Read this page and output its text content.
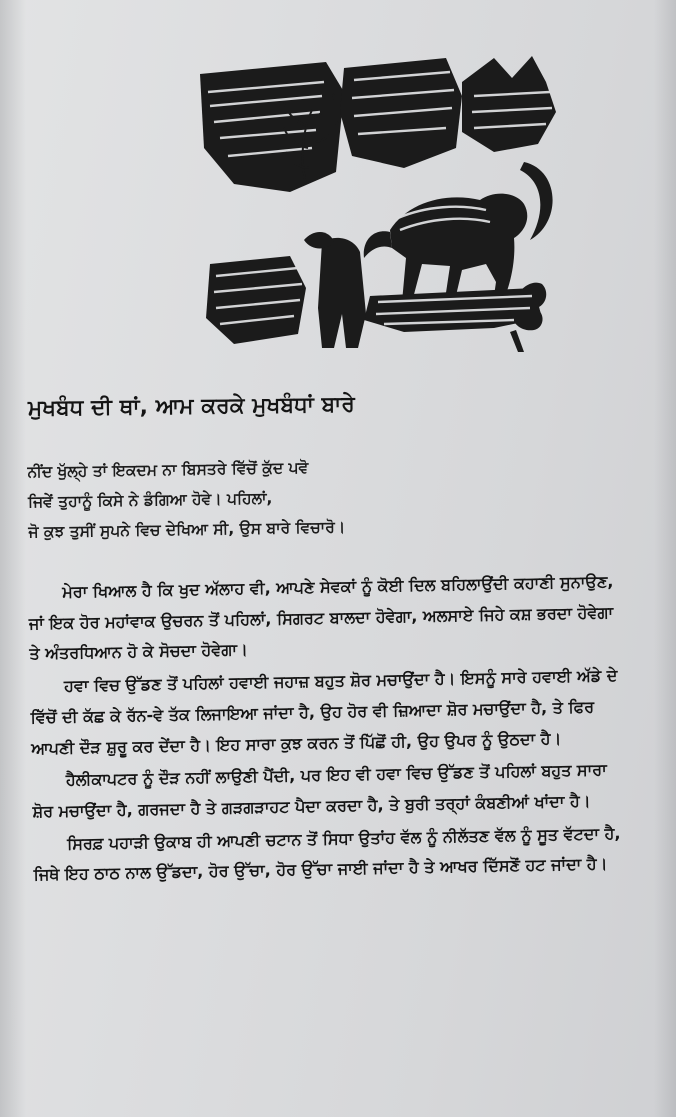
ਮੁਖਬੰਧ ਦੀ ਥਾਂ, ਆਮ ਕਰਕੇ ਮੁਖਬੰਧਾਂ ਬਾਰੇ

ਨੀਂਦ ਖੁੱਲ੍ਹੇ ਤਾਂ ਇਕਦਮ ਨਾ ਬਿਸਤਰੇ ਵਿੱਚੋਂ ਕੁੱਦ ਪਵੋ

ਜਿਵੇਂ ਤੁਹਾਨੂੰ ਕਿਸੇ ਨੇ ਡੰਗਿਆ ਹੋਵੇ। ਪਹਿਲਾਂ,

ਜੋ ਕੁਝ ਤੁਸੀਂ ਸੁਪਨੇ ਵਿਚ ਦੇਖਿਆ ਸੀ, ਉਸ ਬਾਰੇ ਵਿਚਾਰੋ।

ਮੇਰਾ ਖਿਆਲ ਹੈ ਕਿ ਖੁਦ ਅੱਲਾਹ ਵੀ, ਆਪਣੇ ਸੇਵਕਾਂ ਨੂੰ ਕੋਈ ਦਿਲ ਬਹਿਲਾਉਂਦੀ ਕਹਾਣੀ ਸੁਨਾਉਣ, ਜਾਂ ਇਕ ਹੋਰ ਮਹਾਂਵਾਕ ਉਚਰਨ ਤੋਂ ਪਹਿਲਾਂ, ਸਿਗਰਟ ਬਾਲਦਾ ਹੋਵੇਗਾ, ਅਲਸਾਏ ਜਿਹੇ ਕਸ਼ ਭਰਦਾ ਹੋਵੇਗਾ ਤੇ ਅੰਤਰਧਿਆਨ ਹੋ ਕੇ ਸੋਚਦਾ ਹੋਵੇਗਾ।

ਹਵਾ ਵਿਚ ਉੱਡਣ ਤੋਂ ਪਹਿਲਾਂ ਹਵਾਈ ਜਹਾਜ਼ ਬਹੁਤ ਸ਼ੋਰ ਮਚਾਉਂਦਾ ਹੈ। ਇਸਨੂੰ ਸਾਰੇ ਹਵਾਈ ਅੱਡੇ ਦੇ ਵਿੱਚੋਂ ਦੀ ਕੱਛ ਕੇ ਰੱਨ-ਵੇ ਤੱਕ ਲਿਜਾਇਆ ਜਾਂਦਾ ਹੈ, ਉਹ ਹੋਰ ਵੀ ਜ਼ਿਆਦਾ ਸ਼ੋਰ ਮਚਾਉਂਦਾ ਹੈ, ਤੇ ਫਿਰ ਆਪਣੀ ਦੌੜ ਸ਼ੁਰੂ ਕਰ ਦੇਂਦਾ ਹੈ। ਇਹ ਸਾਰਾ ਕੁਝ ਕਰਨ ਤੋਂ ਪਿੱਛੋਂ ਹੀ, ਉਹ ਉਪਰ ਨੂੰ ਉਠਦਾ ਹੈ।

ਹੈਲੀਕਾਪਟਰ ਨੂੰ ਦੌੜ ਨਹੀਂ ਲਾਉਣੀ ਪੈਂਦੀ, ਪਰ ਇਹ ਵੀ ਹਵਾ ਵਿਚ ਉੱਡਣ ਤੋਂ ਪਹਿਲਾਂ ਬਹੁਤ ਸਾਰਾ ਸ਼ੋਰ ਮਚਾਉਂਦਾ ਹੈ, ਗਰਜਦਾ ਹੈ ਤੇ ਗੜਗੜਾਹਟ ਪੈਦਾ ਕਰਦਾ ਹੈ, ਤੇ ਬੁਰੀ ਤਰ੍ਹਾਂ ਕੰਬਣੀਆਂ ਖਾਂਦਾ ਹੈ।

ਸਿਰਫ਼ ਪਹਾੜੀ ਉਕਾਬ ਹੀ ਆਪਣੀ ਚਟਾਨ ਤੋਂ ਸਿਧਾ ਉਤਾਂਹ ਵੱਲ ਨੂੰ ਨੀਲੱਤਣ ਵੱਲ ਨੂੰ ਸੂਤ ਵੱਟਦਾ ਹੈ, ਜਿਥੇ ਇਹ ਠਾਠ ਨਾਲ ਉੱਡਦਾ, ਹੋਰ ਉੱਚਾ, ਹੋਰ ਉੱਚਾ ਜਾਈ ਜਾਂਦਾ ਹੈ ਤੇ ਆਖਰ ਦਿੱਸਣੋਂ ਹਟ ਜਾਂਦਾ ਹੈ।
